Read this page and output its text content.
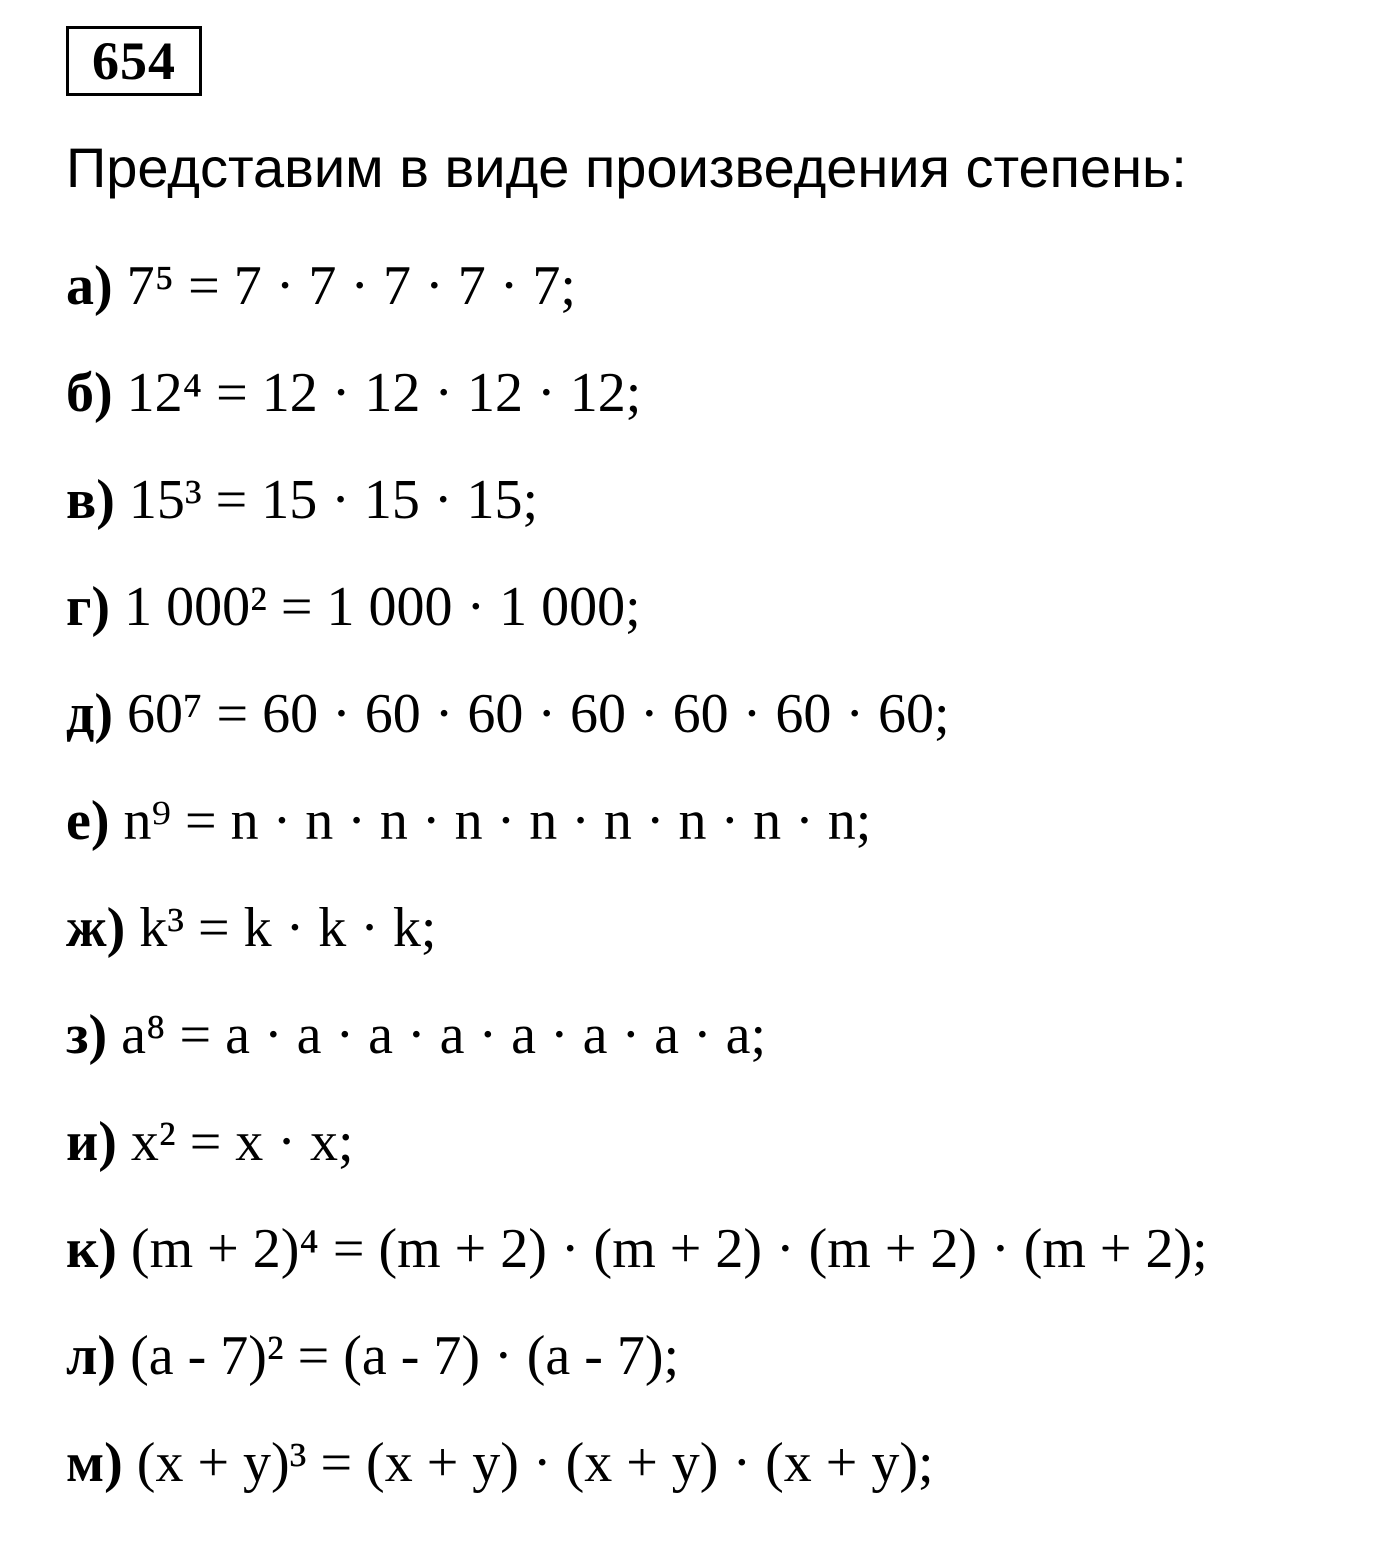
654
Представим в виде произведения степень:
а) 7⁵ = 7 · 7 · 7 · 7 · 7;
б) 12⁴ = 12 · 12 · 12 · 12;
в) 15³ = 15 · 15 · 15;
г) 1 000² = 1 000 · 1 000;
д) 60⁷ = 60 · 60 · 60 · 60 · 60 · 60 · 60;
е) n⁹ = n · n · n · n · n · n · n · n · n;
ж) k³ = k · k · k;
з) a⁸ = a · a · a · a · a · a · a · a;
и) x² = x · x;
к) (m + 2)⁴ = (m + 2) · (m + 2) · (m + 2) · (m + 2);
л) (a - 7)² = (a - 7) · (a - 7);
м) (x + y)³ = (x + y) · (x + y) · (x + y);
